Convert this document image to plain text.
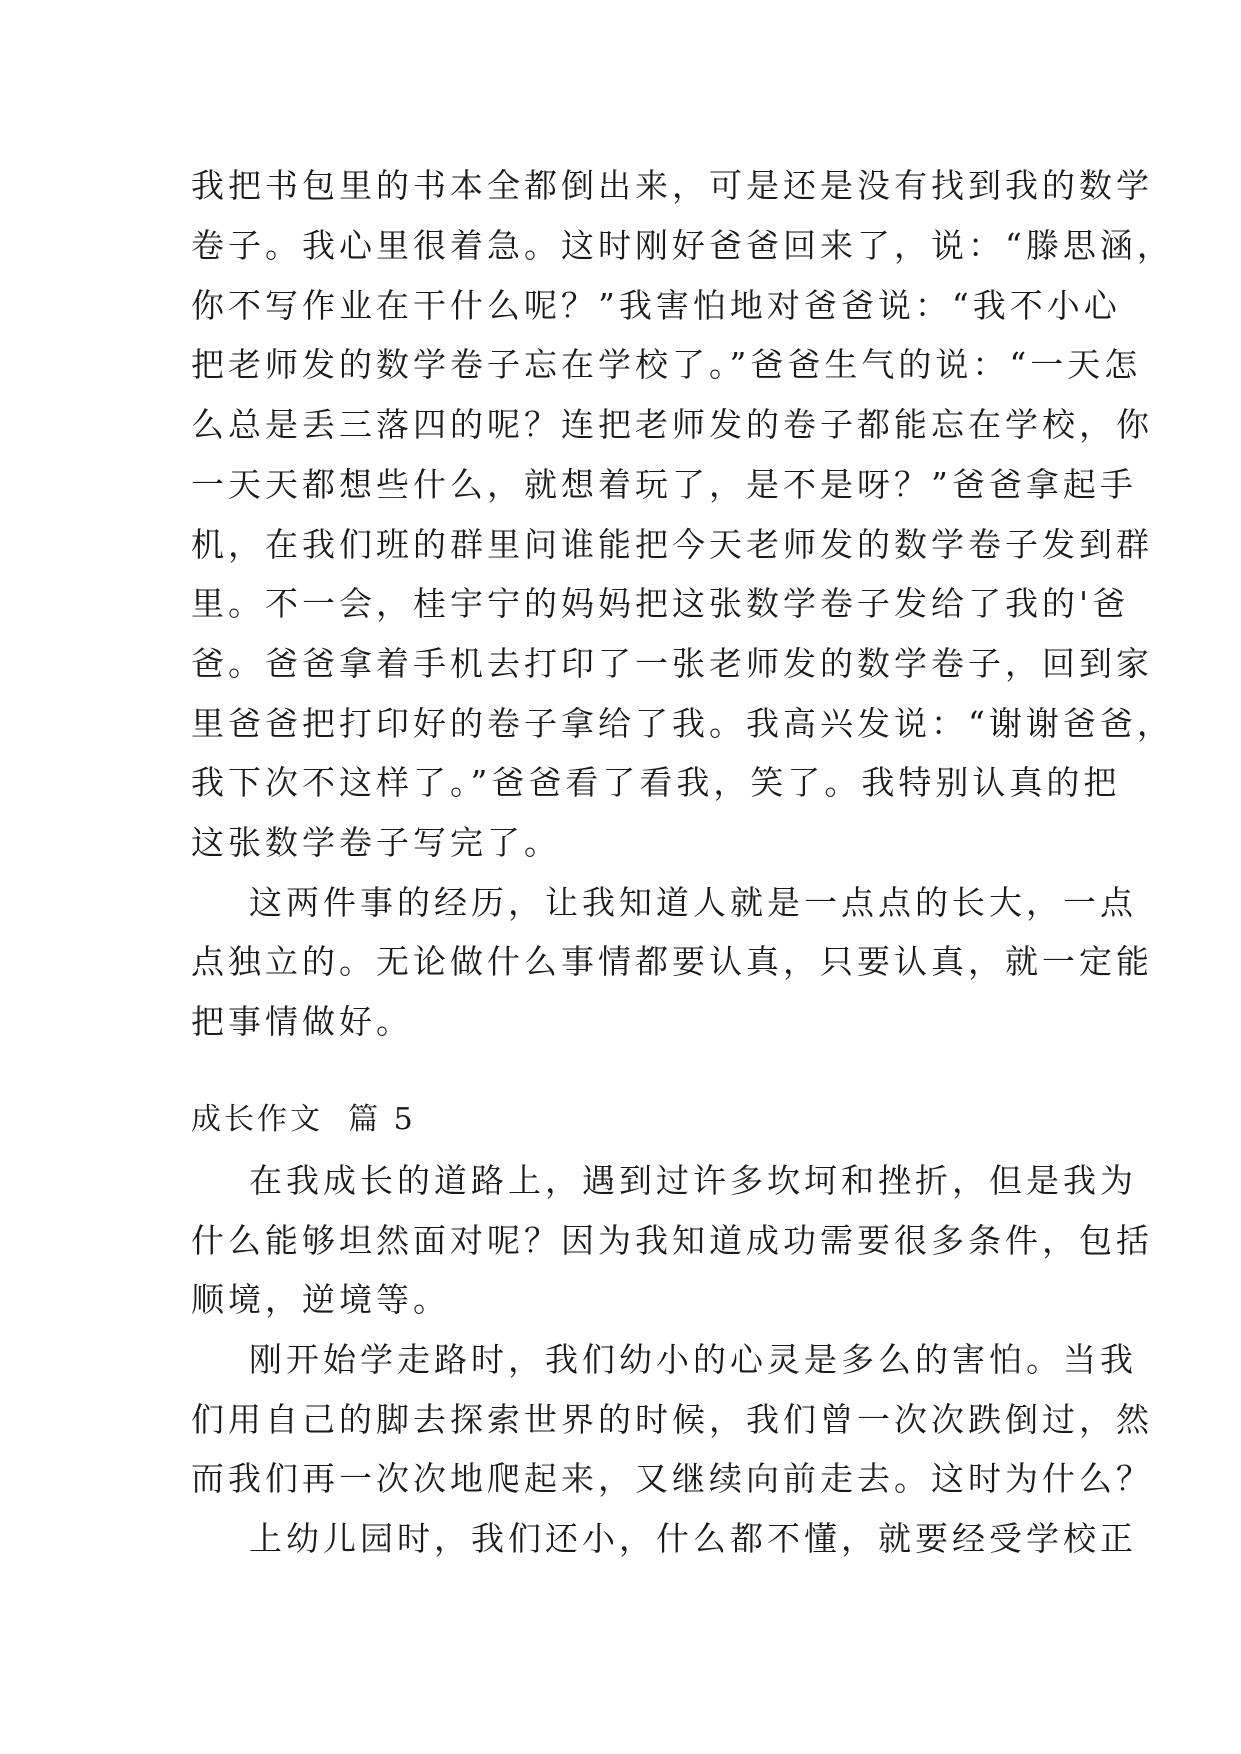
我把书包里的书本全都倒出来，可是还是没有找到我的数学
卷子。我心里很着急。这时刚好爸爸回来了，说：“滕思涵，
你不写作业在干什么呢？”我害怕地对爸爸说：“我不小心
把老师发的数学卷子忘在学校了。”爸爸生气的说：“一天怎
么总是丢三落四的呢？连把老师发的卷子都能忘在学校，你
一天天都想些什么，就想着玩了，是不是呀？”爸爸拿起手
机，在我们班的群里问谁能把今天老师发的数学卷子发到群
里。不一会，桂宇宁的妈妈把这张数学卷子发给了我的'爸
爸。爸爸拿着手机去打印了一张老师发的数学卷子，回到家
里爸爸把打印好的卷子拿给了我。我高兴发说：“谢谢爸爸，
我下次不这样了。”爸爸看了看我，笑了。我特别认真的把
这张数学卷子写完了。
这两件事的经历，让我知道人就是一点点的长大，一点
点独立的。无论做什么事情都要认真，只要认真，就一定能
把事情做好。
成长作文  篇 5
在我成长的道路上，遇到过许多坎坷和挫折，但是我为
什么能够坦然面对呢？因为我知道成功需要很多条件，包括
顺境，逆境等。
刚开始学走路时，我们幼小的心灵是多么的害怕。当我
们用自己的脚去探索世界的时候，我们曾一次次跌倒过，然
而我们再一次次地爬起来，又继续向前走去。这时为什么？
上幼儿园时，我们还小，什么都不懂，就要经受学校正
